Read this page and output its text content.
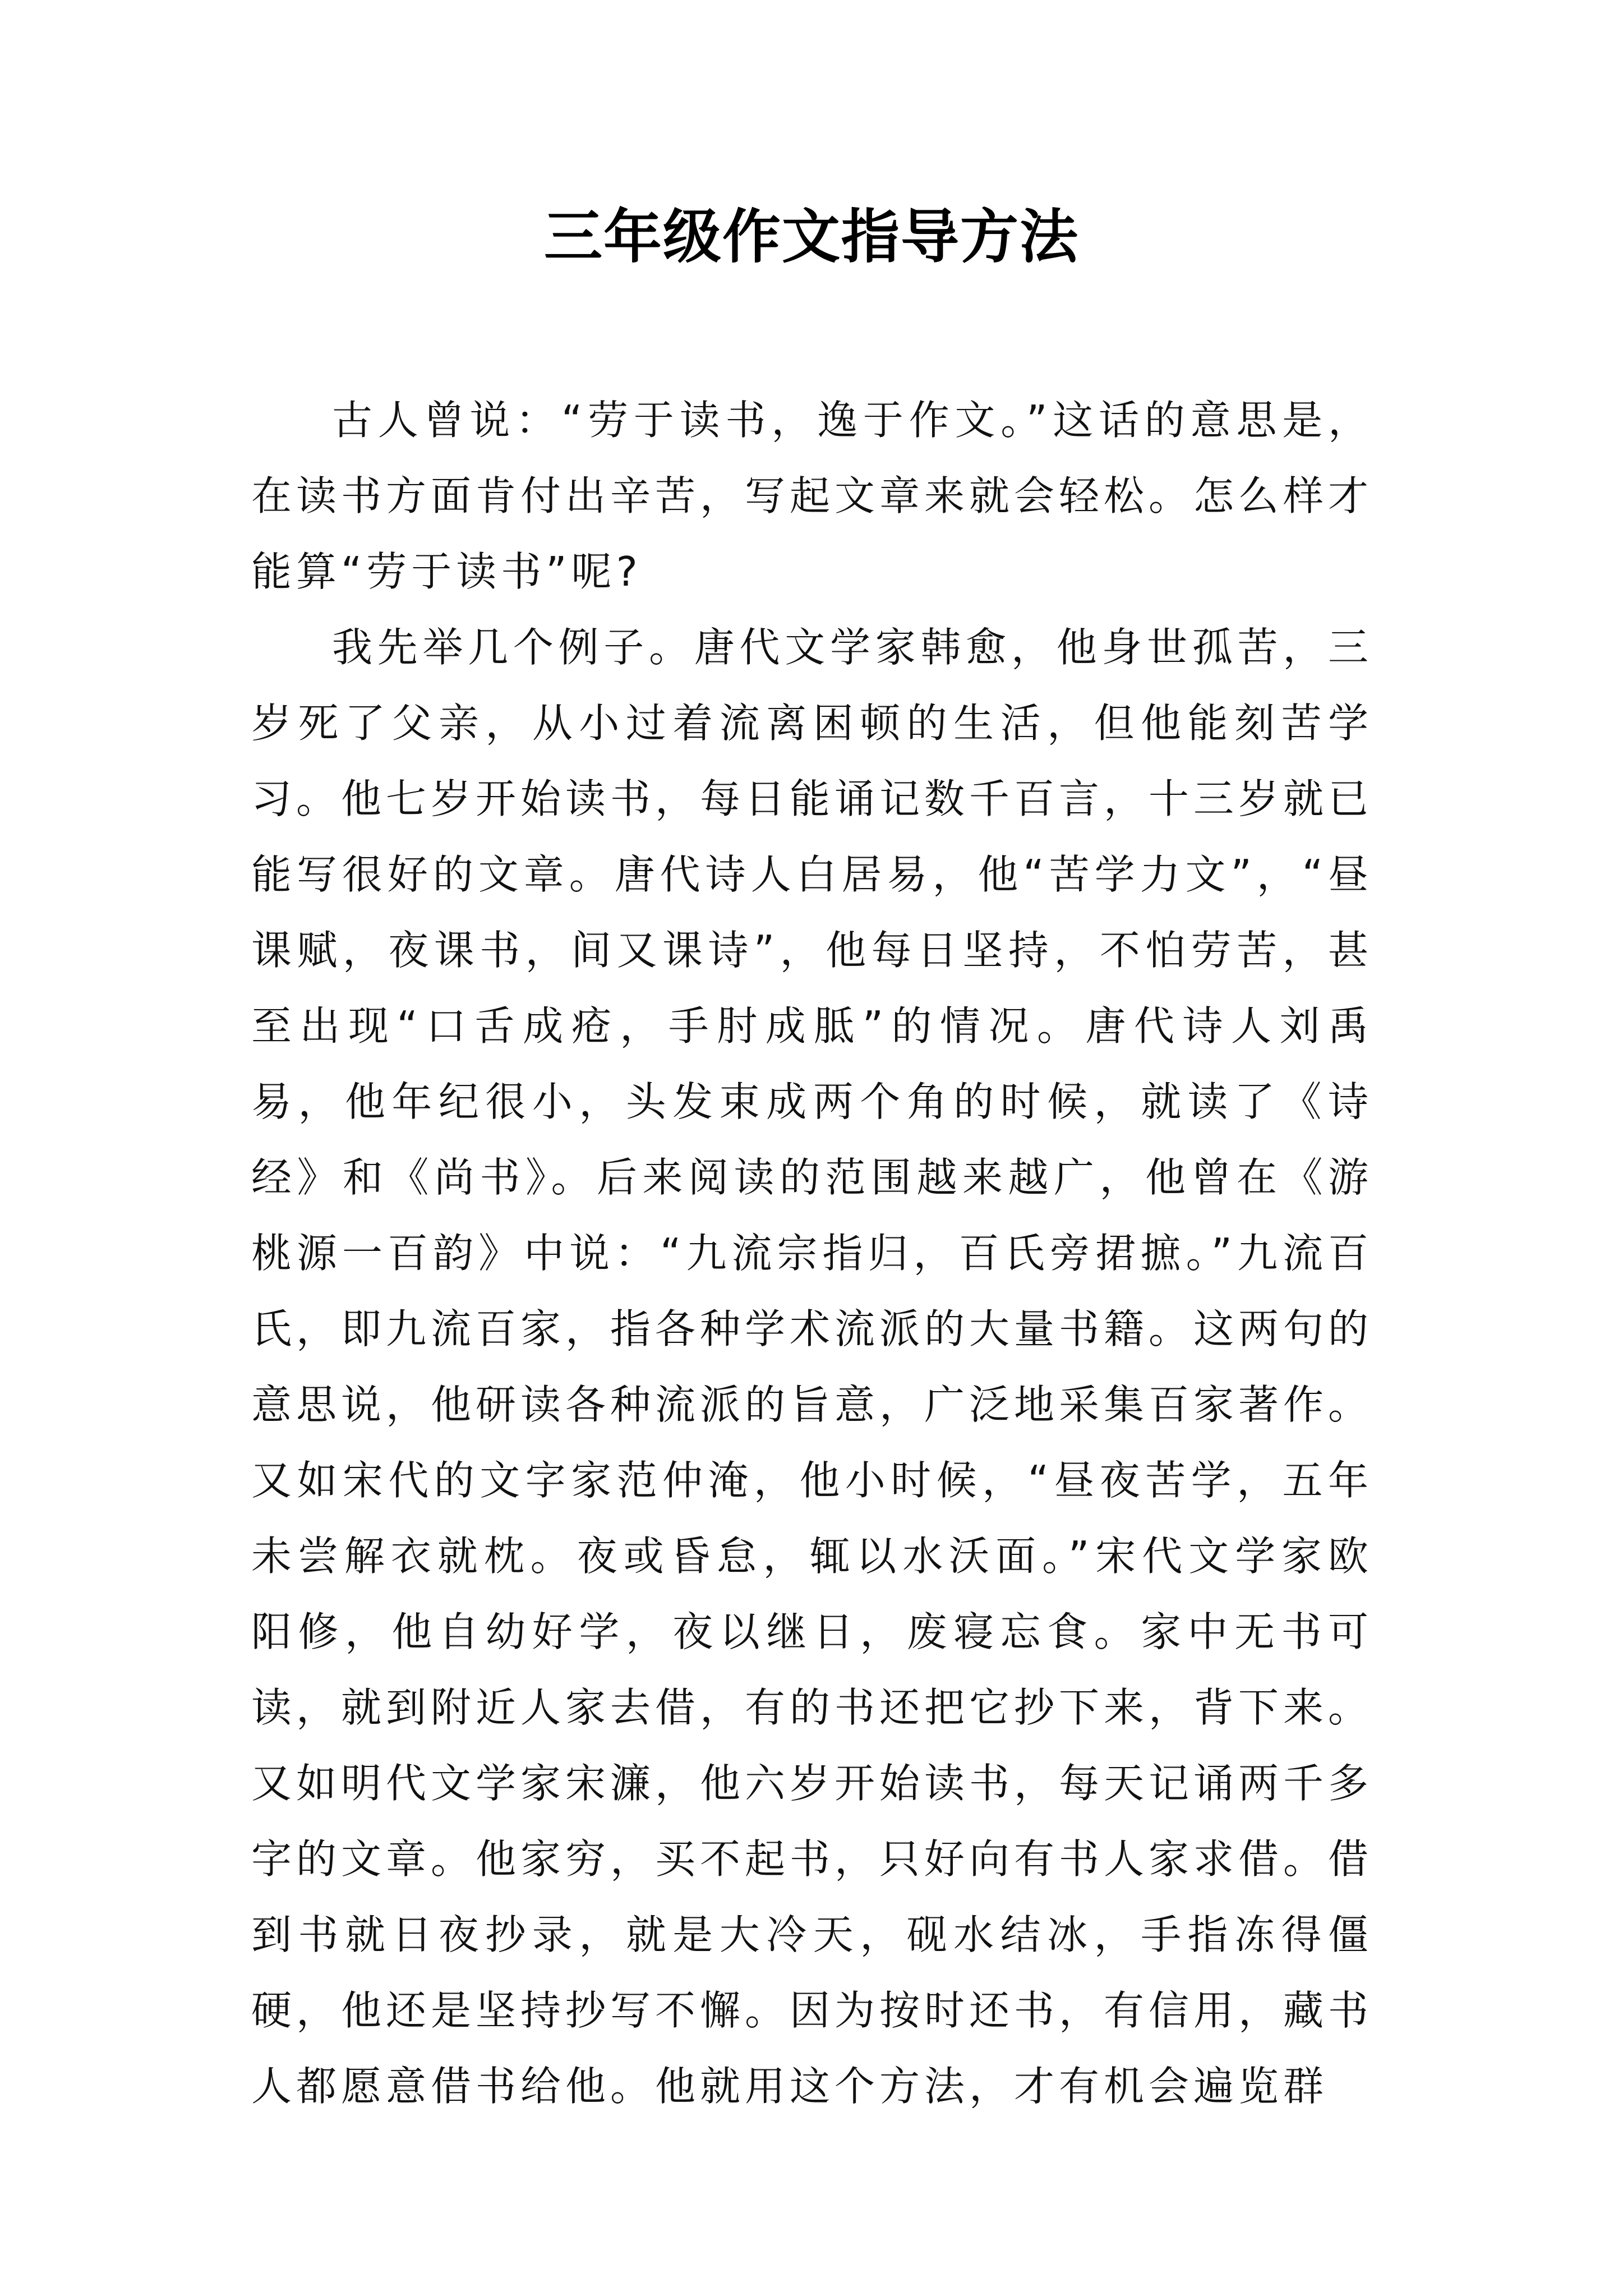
三年级作文指导方法

古人曾说：“劳于读书，逸于作文。”这话的意思是，在读书方面肯付出辛苦，写起文章来就会轻松。怎么样才能算“劳于读书”呢?

我先举几个例子。唐代文学家韩愈，他身世孤苦，三岁死了父亲，从小过着流离困顿的生活，但他能刻苦学习。他七岁开始读书，每日能诵记数千百言，十三岁就已能写很好的文章。唐代诗人白居易，他“苦学力文”，“昼课赋，夜课书，间又课诗”，他每日坚持，不怕劳苦，甚至出现“口舌成疮，手肘成胝”的情况。唐代诗人刘禹易，他年纪很小，头发束成两个角的时候，就读了《诗经》和《尚书》。后来阅读的范围越来越广，他曾在《游桃源一百韵》中说：“九流宗指归，百氏旁捃摭。”九流百氏，即九流百家，指各种学术流派的大量书籍。这两句的意思说，他研读各种流派的旨意，广泛地采集百家著作。又如宋代的文字家范仲淹，他小时候，“昼夜苦学，五年未尝解衣就枕。夜或昏怠，辄以水沃面。”宋代文学家欧阳修，他自幼好学，夜以继日，废寝忘食。家中无书可读，就到附近人家去借，有的书还把它抄下来，背下来。又如明代文学家宋濂，他六岁开始读书，每天记诵两千多字的文章。他家穷，买不起书，只好向有书人家求借。借到书就日夜抄录，就是大冷天，砚水结冰，手指冻得僵硬，他还是坚持抄写不懈。因为按时还书，有信用，藏书人都愿意借书给他。他就用这个方法，才有机会遍览群
